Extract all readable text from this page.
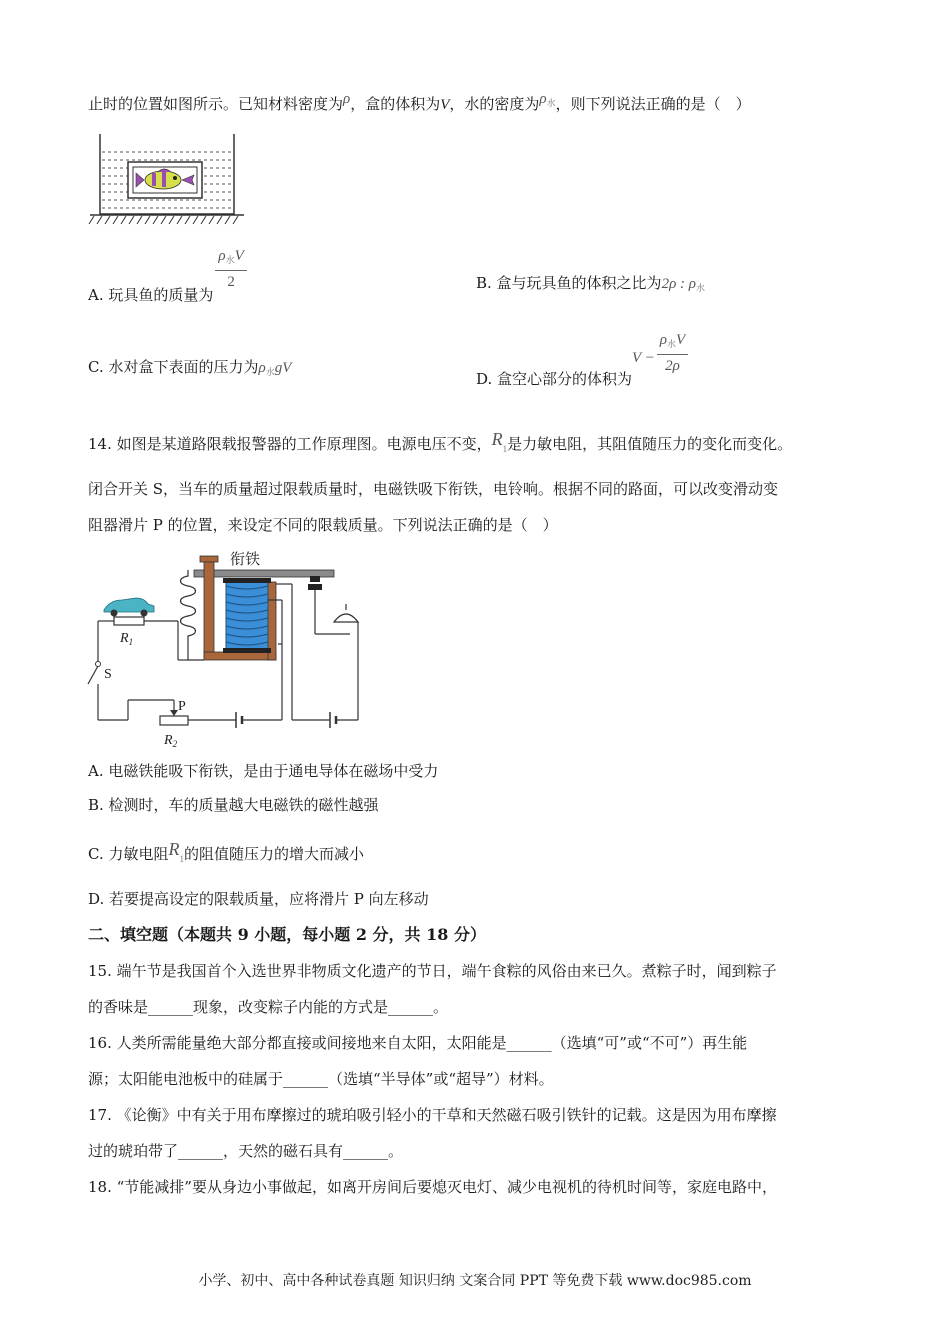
止时的位置如图所示。已知材料密度为ρ，盒的体积为V，水的密度为$\rho_水$，则下列说法正确的是（　）
A. 玩具鱼的质量为
$\frac{\rho_水V}{2}$	B. 盒与玩具鱼的体积之比为2ρ : $\rho_水$
C. 水对盒下表面的压力为$\rho_水gV$
D. 盒空心部分的体积为$V - \frac{\rho_水V}{2\rho}$
14. 如图是某道路限载报警器的工作原理图。电源电压不变，$R_1$是力敏电阻，其阻值随压力的变化而变化。
闭合开关 S，当车的质量超过限载质量时，电磁铁吸下衔铁，电铃响。根据不同的路面，可以改变滑动变
阻器滑片 P 的位置，来设定不同的限载质量。下列说法正确的是（　）
衔铁
$R_1$
S
P
$R_2$
A. 电磁铁能吸下衔铁，是由于通电导体在磁场中受力
B. 检测时，车的质量越大电磁铁的磁性越强
C. 力敏电阻$R_1$的阻值随压力的增大而减小
D. 若要提高设定的限载质量，应将滑片 P 向左移动
二、填空题（本题共 9 小题，每小题 2 分，共 18 分）
15. 端午节是我国首个入选世界非物质文化遗产的节日，端午食粽的风俗由来已久。煮粽子时，闻到粽子
的香味是______现象，改变粽子内能的方式是______。
16. 人类所需能量绝大部分都直接或间接地来自太阳，太阳能是______（选填“可”或“不可”）再生能
源；太阳能电池板中的硅属于______（选填“半导体”或“超导”）材料。
17. 《论衡》中有关于用布摩擦过的琥珀吸引轻小的干草和天然磁石吸引铁针的记载。这是因为用布摩擦
过的琥珀带了______，天然的磁石具有______。
18. “节能减排”要从身边小事做起，如离开房间后要熄灭电灯、减少电视机的待机时间等，家庭电路中，
小学、初中、高中各种试卷真题 知识归纳 文案合同 PPT 等免费下载 www.doc985.com
